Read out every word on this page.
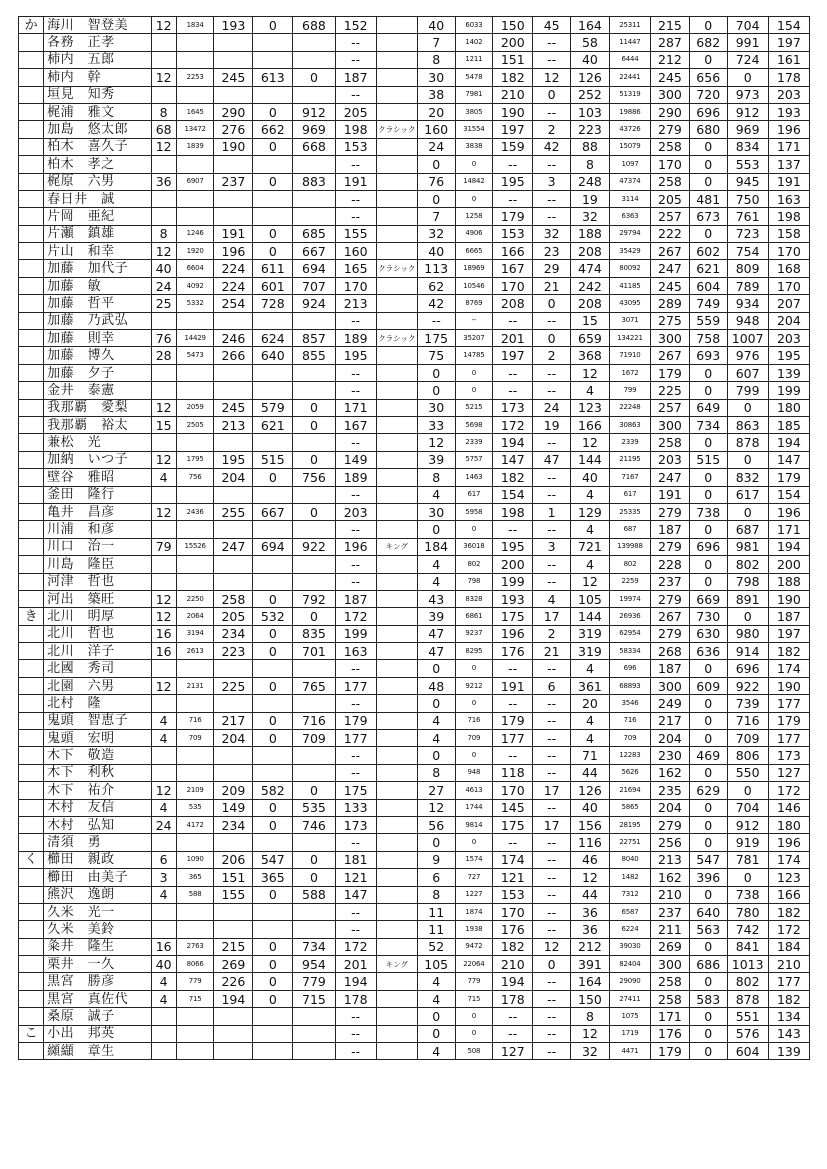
か	海川　智登美	12	1834	193	0	688	152		40	6033	150	45	164	25311	215	0	704	154
	各務　正孝						--		7	1402	200	--	58	11447	287	682	991	197
	柿内　五郎						--		8	1211	151	--	40	6444	212	0	724	161
	柿内　幹	12	2253	245	613	0	187		30	5478	182	12	126	22441	245	656	0	178
	垣見　知秀						--		38	7981	210	0	252	51319	300	720	973	203
	梶浦　雅文	8	1645	290	0	912	205		20	3805	190	--	103	19886	290	696	912	193
	加島　悠太郎	68	13472	276	662	969	198	クラシック	160	31554	197	2	223	43726	279	680	969	196
	柏木　喜久子	12	1839	190	0	668	153		24	3838	159	42	88	15079	258	0	834	171
	柏木　孝之						--		0	0	--	--	8	1097	170	0	553	137
	梶原　六男	36	6907	237	0	883	191		76	14842	195	3	248	47374	258	0	945	191
	春日井　誠						--		0	0	--	--	19	3114	205	481	750	163
	片岡　亜紀						--		7	1258	179	--	32	6363	257	673	761	198
	片瀬　鎮雄	8	1246	191	0	685	155		32	4906	153	32	188	29794	222	0	723	158
	片山　和幸	12	1920	196	0	667	160		40	6665	166	23	208	35429	267	602	754	170
	加藤　加代子	40	6604	224	611	694	165	クラシック	113	18969	167	29	474	80092	247	621	809	168
	加藤　敏	24	4092	224	601	707	170		62	10546	170	21	242	41185	245	604	789	170
	加藤　哲平	25	5332	254	728	924	213		42	8769	208	0	208	43095	289	749	934	207
	加藤　乃武弘						--		--	--	--	--	15	3071	275	559	948	204
	加藤　則幸	76	14429	246	624	857	189	クラシック	175	35207	201	0	659	134221	300	758	1007	203
	加藤　博久	28	5473	266	640	855	195		75	14785	197	2	368	71910	267	693	976	195
	加藤　夕子						--		0	0	--	--	12	1672	179	0	607	139
	金井　泰憲						--		0	0	--	--	4	799	225	0	799	199
	我那覇　愛梨	12	2059	245	579	0	171		30	5215	173	24	123	22248	257	649	0	180
	我那覇　裕太	15	2505	213	621	0	167		33	5698	172	19	166	30863	300	734	863	185
	兼松　光						--		12	2339	194	--	12	2339	258	0	878	194
	加納　いつ子	12	1795	195	515	0	149		39	5757	147	47	144	21195	203	515	0	147
	壁谷　雅昭	4	756	204	0	756	189		8	1463	182	--	40	7167	247	0	832	179
	釜田　隆行						--		4	617	154	--	4	617	191	0	617	154
	亀井　昌彦	12	2436	255	667	0	203		30	5958	198	1	129	25335	279	738	0	196
	川浦　和彦						--		0	0	--	--	4	687	187	0	687	171
	川口　治一	79	15526	247	694	922	196	キング	184	36018	195	3	721	139988	279	696	981	194
	川島　隆臣						--		4	802	200	--	4	802	228	0	802	200
	河津　哲也						--		4	798	199	--	12	2259	237	0	798	188
	河出　築旺	12	2250	258	0	792	187		43	8328	193	4	105	19974	279	669	891	190
き	北川　明厚	12	2064	205	532	0	172		39	6861	175	17	144	26936	267	730	0	187
	北川　哲也	16	3194	234	0	835	199		47	9237	196	2	319	62954	279	630	980	197
	北川　洋子	16	2613	223	0	701	163		47	8295	176	21	319	58334	268	636	914	182
	北國　秀司						--		0	0	--	--	4	696	187	0	696	174
	北園　六男	12	2131	225	0	765	177		48	9212	191	6	361	68893	300	609	922	190
	北村　隆						--		0	0	--	--	20	3546	249	0	739	177
	鬼頭　智恵子	4	716	217	0	716	179		4	716	179	--	4	716	217	0	716	179
	鬼頭　宏明	4	709	204	0	709	177		4	709	177	--	4	709	204	0	709	177
	木下　敬造						--		0	0	--	--	71	12283	230	469	806	173
	木下　利秋						--		8	948	118	--	44	5626	162	0	550	127
	木下　祐介	12	2109	209	582	0	175		27	4613	170	17	126	21694	235	629	0	172
	木村　友信	4	535	149	0	535	133		12	1744	145	--	40	5865	204	0	704	146
	木村　弘知	24	4172	234	0	746	173		56	9814	175	17	156	28195	279	0	912	180
	清須　勇						--		0	0	--	--	116	22751	256	0	919	196
く	櫛田　親政	6	1090	206	547	0	181		9	1574	174	--	46	8040	213	547	781	174
	櫛田　由美子	3	365	151	365	0	121		6	727	121	--	12	1482	162	396	0	123
	熊沢　逸朗	4	588	155	0	588	147		8	1227	153	--	44	7312	210	0	738	166
	久米　光一						--		11	1874	170	--	36	6587	237	640	780	182
	久米　美鈴						--		11	1938	176	--	36	6224	211	563	742	172
	粂井　隆生	16	2763	215	0	734	172		52	9472	182	12	212	39030	269	0	841	184
	栗井　一久	40	8066	269	0	954	201	キング	105	22064	210	0	391	82404	300	686	1013	210
	黒宮　勝彦	4	779	226	0	779	194		4	779	194	--	164	29090	258	0	802	177
	黒宮　真佐代	4	715	194	0	715	178		4	715	178	--	150	27411	258	583	878	182
	桑原　誠子						--		0	0	--	--	8	1075	171	0	551	134
こ	小出　邦英						--		0	0	--	--	12	1719	176	0	576	143
	纐纈　章生						--		4	508	127	--	32	4471	179	0	604	139
